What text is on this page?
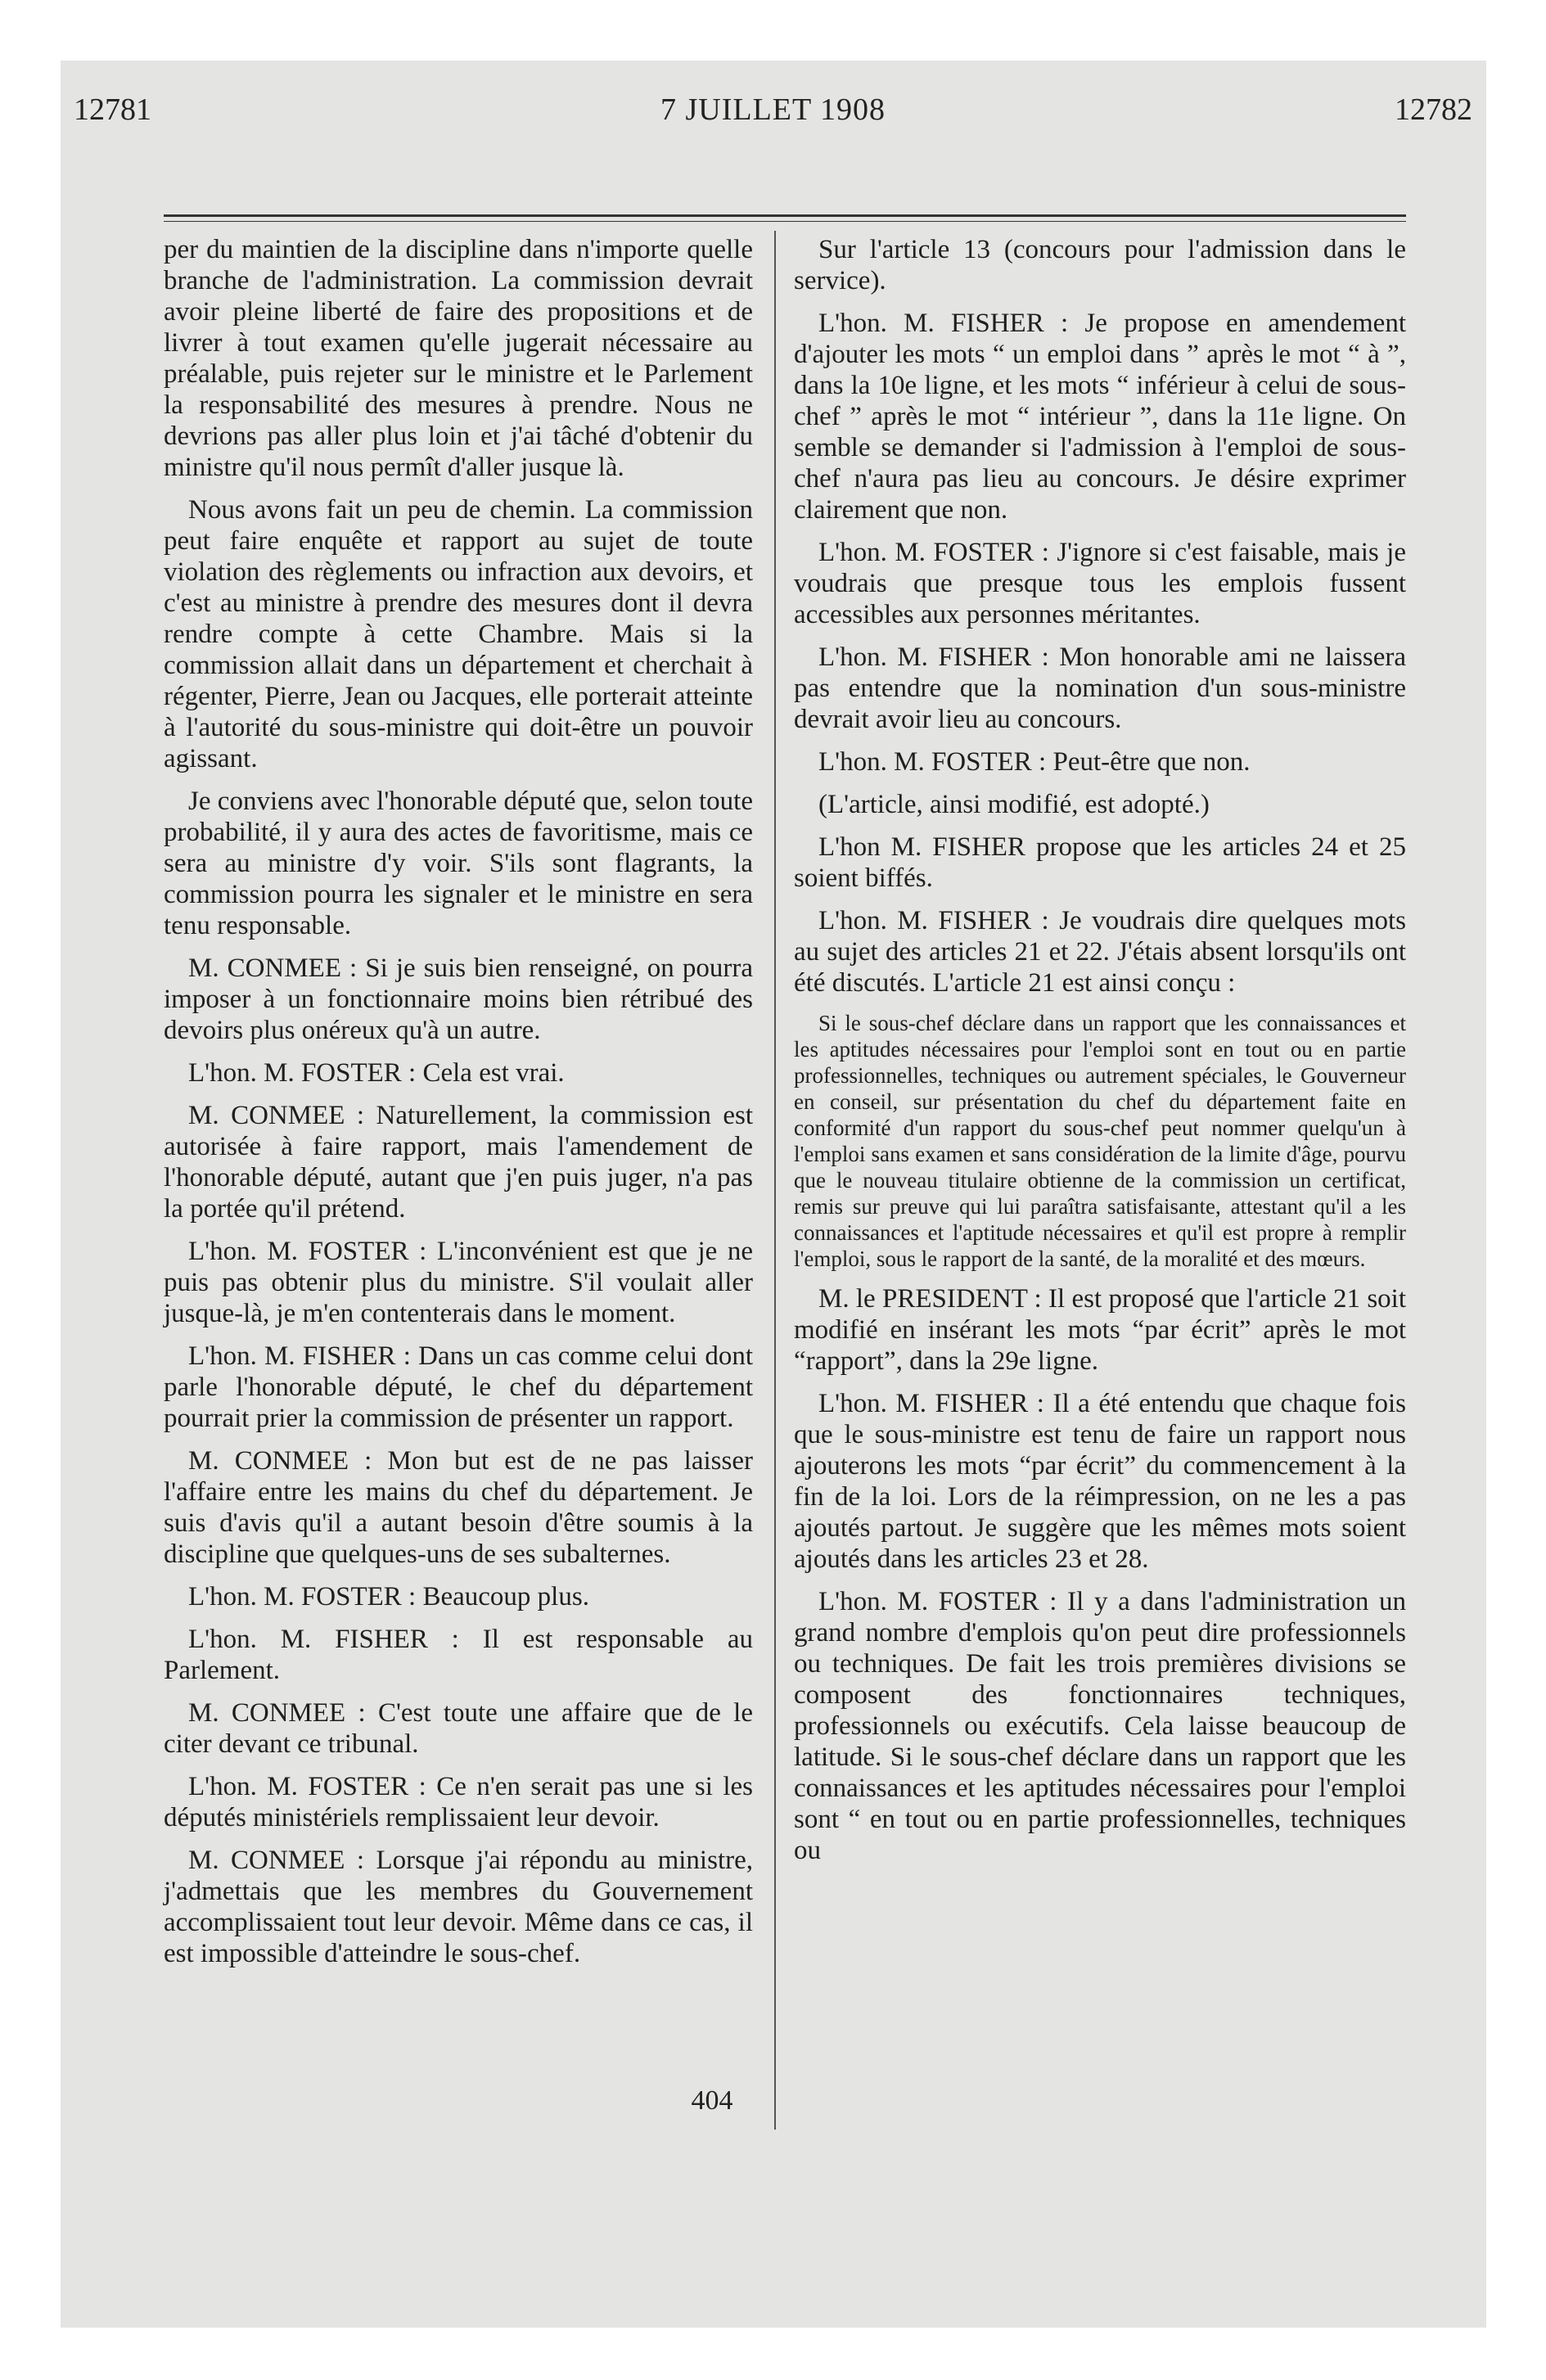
12781	7 JUILLET 1908	12782

per du maintien de la discipline dans n'importe quelle branche de l'administration. La commission devrait avoir pleine liberté de faire des propositions et de livrer à tout examen qu'elle jugerait nécessaire au préalable, puis rejeter sur le ministre et le Parlement la responsabilité des mesures à prendre. Nous ne devrions pas aller plus loin et j'ai tâché d'obtenir du ministre qu'il nous permît d'aller jusque là.

Nous avons fait un peu de chemin. La commission peut faire enquête et rapport au sujet de toute violation des règlements ou infraction aux devoirs, et c'est au ministre à prendre des mesures dont il devra rendre compte à cette Chambre. Mais si la commission allait dans un département et cherchait à régenter, Pierre, Jean ou Jacques, elle porterait atteinte à l'autorité du sous-ministre qui doit-être un pouvoir agissant.

Je conviens avec l'honorable député que, selon toute probabilité, il y aura des actes de favoritisme, mais ce sera au ministre d'y voir. S'ils sont flagrants, la commission pourra les signaler et le ministre en sera tenu responsable.

M. CONMEE : Si je suis bien renseigné, on pourra imposer à un fonctionnaire moins bien rétribué des devoirs plus onéreux qu'à un autre.

L'hon. M. FOSTER : Cela est vrai.

M. CONMEE : Naturellement, la commission est autorisée à faire rapport, mais l'amendement de l'honorable député, autant que j'en puis juger, n'a pas la portée qu'il prétend.

L'hon. M. FOSTER : L'inconvénient est que je ne puis pas obtenir plus du ministre. S'il voulait aller jusque-là, je m'en contenterais dans le moment.

L'hon. M. FISHER : Dans un cas comme celui dont parle l'honorable député, le chef du département pourrait prier la commission de présenter un rapport.

M. CONMEE : Mon but est de ne pas laisser l'affaire entre les mains du chef du département. Je suis d'avis qu'il a autant besoin d'être soumis à la discipline que quelques-uns de ses subalternes.

L'hon. M. FOSTER : Beaucoup plus.

L'hon. M. FISHER : Il est responsable au Parlement.

M. CONMEE : C'est toute une affaire que de le citer devant ce tribunal.

L'hon. M. FOSTER : Ce n'en serait pas une si les députés ministériels remplissaient leur devoir.

M. CONMEE : Lorsque j'ai répondu au ministre, j'admettais que les membres du Gouvernement accomplissaient tout leur devoir. Même dans ce cas, il est impossible d'atteindre le sous-chef.

Sur l'article 13 (concours pour l'admission dans le service).

L'hon. M. FISHER : Je propose en amendement d'ajouter les mots “ un emploi dans ” après le mot “ à ”, dans la 10e ligne, et les mots “ inférieur à celui de sous-chef ” après le mot “ intérieur ”, dans la 11e ligne. On semble se demander si l'admission à l'emploi de sous-chef n'aura pas lieu au concours. Je désire exprimer clairement que non.

L'hon. M. FOSTER : J'ignore si c'est faisable, mais je voudrais que presque tous les emplois fussent accessibles aux personnes méritantes.

L'hon. M. FISHER : Mon honorable ami ne laissera pas entendre que la nomination d'un sous-ministre devrait avoir lieu au concours.

L'hon. M. FOSTER : Peut-être que non.

(L'article, ainsi modifié, est adopté.)

L'hon M. FISHER propose que les articles 24 et 25 soient biffés.

L'hon. M. FISHER : Je voudrais dire quelques mots au sujet des articles 21 et 22. J'étais absent lorsqu'ils ont été discutés. L'article 21 est ainsi conçu :

Si le sous-chef déclare dans un rapport que les connaissances et les aptitudes nécessaires pour l'emploi sont en tout ou en partie professionnelles, techniques ou autrement spéciales, le Gouverneur en conseil, sur présentation du chef du département faite en conformité d'un rapport du sous-chef peut nommer quelqu'un à l'emploi sans examen et sans considération de la limite d'âge, pourvu que le nouveau titulaire obtienne de la commission un certificat, remis sur preuve qui lui paraîtra satisfaisante, attestant qu'il a les connaissances et l'aptitude nécessaires et qu'il est propre à remplir l'emploi, sous le rapport de la santé, de la moralité et des mœurs.

M. le PRESIDENT : Il est proposé que l'article 21 soit modifié en insérant les mots “par écrit” après le mot “rapport”, dans la 29e ligne.

L'hon. M. FISHER : Il a été entendu que chaque fois que le sous-ministre est tenu de faire un rapport nous ajouterons les mots “par écrit” du commencement à la fin de la loi. Lors de la réimpression, on ne les a pas ajoutés partout. Je suggère que les mêmes mots soient ajoutés dans les articles 23 et 28.

L'hon. M. FOSTER : Il y a dans l'administration un grand nombre d'emplois qu'on peut dire professionnels ou techniques. De fait les trois premières divisions se composent des fonctionnaires techniques, professionnels ou exécutifs. Cela laisse beaucoup de latitude. Si le sous-chef déclare dans un rapport que les connaissances et les aptitudes nécessaires pour l'emploi sont “ en tout ou en partie professionnelles, techniques ou

404
